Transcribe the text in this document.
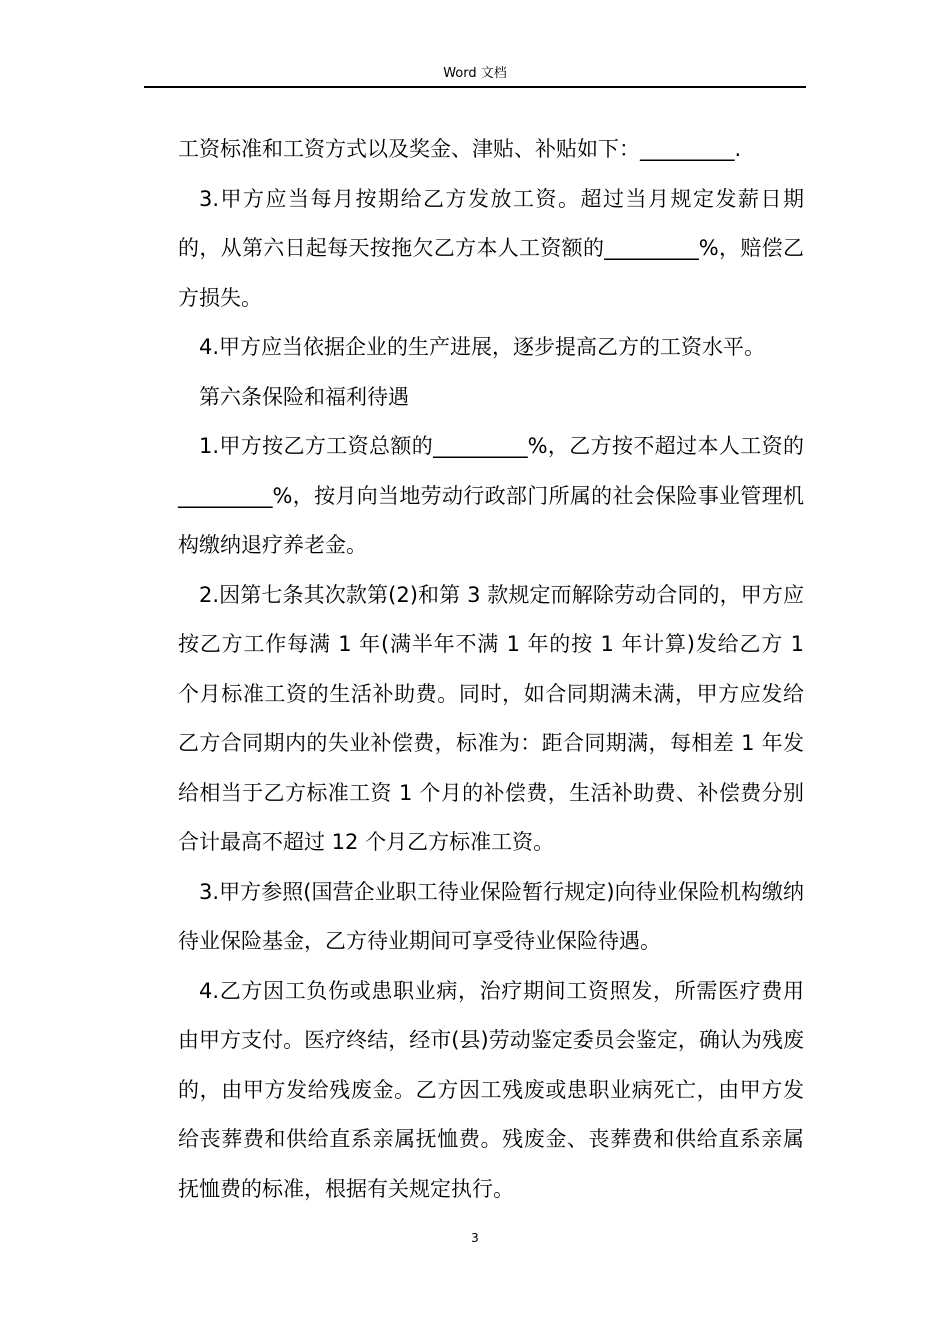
Word 文档

工资标准和工资方式以及奖金、津贴、补贴如下：_________.

3.甲方应当每月按期给乙方发放工资。超过当月规定发薪日期的，从第六日起每天按拖欠乙方本人工资额的_________%，赔偿乙方损失。

4.甲方应当依据企业的生产进展，逐步提高乙方的工资水平。

第六条保险和福利待遇

1.甲方按乙方工资总额的_________%，乙方按不超过本人工资的_________%，按月向当地劳动行政部门所属的社会保险事业管理机构缴纳退疗养老金。

2.因第七条其次款第(2)和第 3 款规定而解除劳动合同的，甲方应按乙方工作每满 1 年(满半年不满 1 年的按 1 年计算)发给乙方 1 个月标准工资的生活补助费。同时，如合同期满未满，甲方应发给乙方合同期内的失业补偿费，标准为：距合同期满，每相差 1 年发给相当于乙方标准工资 1 个月的补偿费，生活补助费、补偿费分别合计最高不超过 12 个月乙方标准工资。

3.甲方参照(国营企业职工待业保险暂行规定)向待业保险机构缴纳待业保险基金，乙方待业期间可享受待业保险待遇。

4.乙方因工负伤或患职业病，治疗期间工资照发，所需医疗费用由甲方支付。医疗终结，经市(县)劳动鉴定委员会鉴定，确认为残废的，由甲方发给残废金。乙方因工残废或患职业病死亡，由甲方发给丧葬费和供给直系亲属抚恤费。残废金、丧葬费和供给直系亲属抚恤费的标准，根据有关规定执行。

3
